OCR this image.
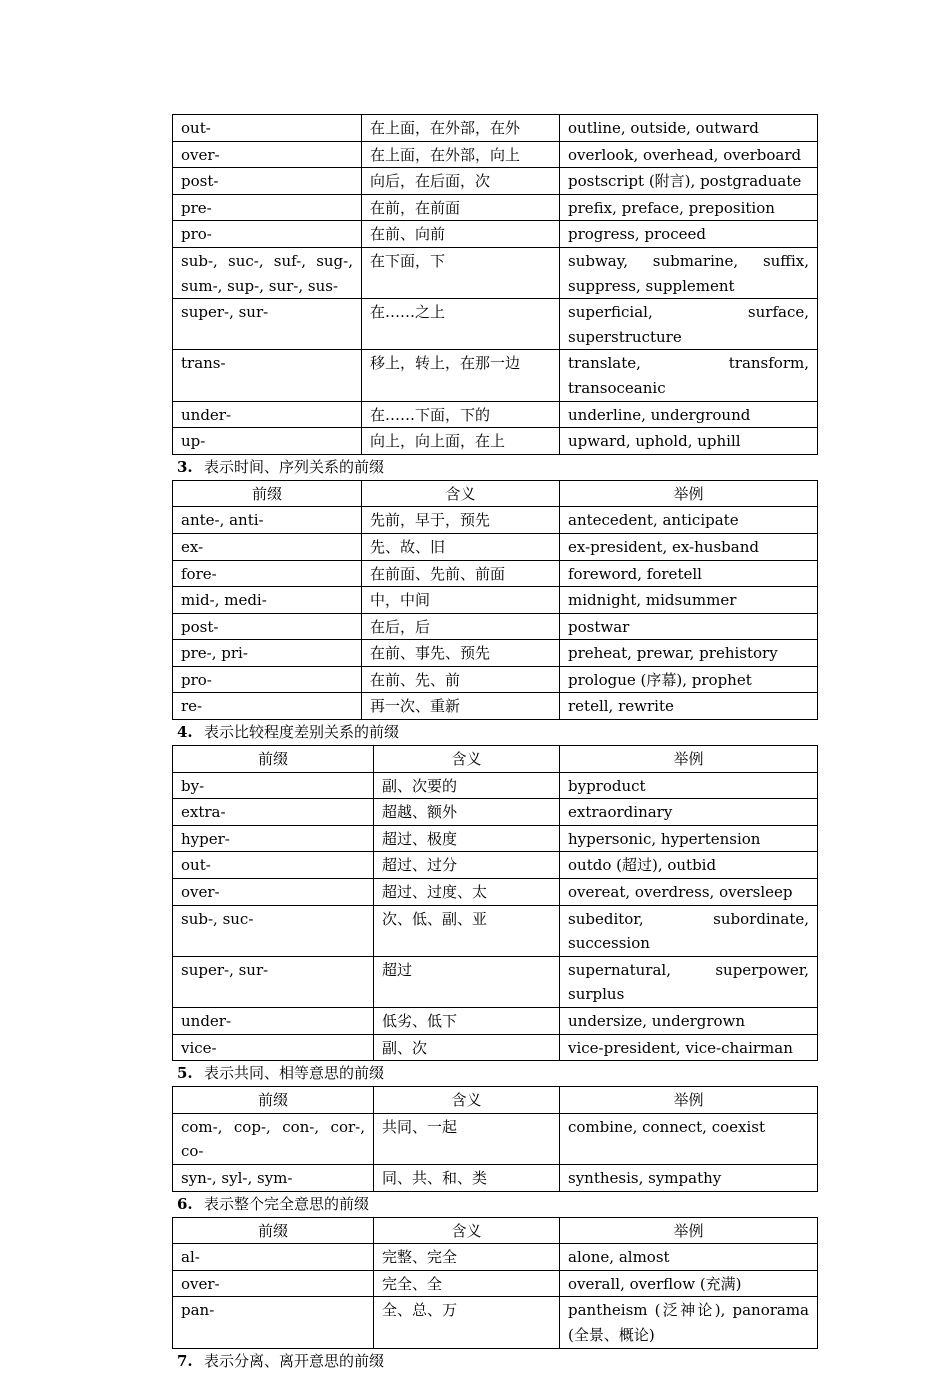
out-	在上面，在外部，在外	outline, outside, outward
over-	在上面，在外部，向上	overlook, overhead, overboard
post-	向后，在后面，次	postscript (附言), postgraduate
pre-	在前，在前面	prefix, preface, preposition
pro-	在前、向前	progress, proceed
sub-, suc-, suf-, sug-, sum-, sup-, sur-, sus-	在下面，下	subway, submarine, suffix, suppress, supplement
super-, sur-	在……之上	superficial, surface, superstructure
trans-	移上，转上，在那一边	translate, transform, transoceanic
under-	在……下面，下的	underline, underground
up-	向上，向上面，在上	upward, uphold, uphill
3. 表示时间、序列关系的前缀
前缀	含义	举例
ante-, anti-	先前，早于，预先	antecedent, anticipate
ex-	先、故、旧	ex-president, ex-husband
fore-	在前面、先前、前面	foreword, foretell
mid-, medi-	中，中间	midnight, midsummer
post-	在后，后	postwar
pre-, pri-	在前、事先、预先	preheat, prewar, prehistory
pro-	在前、先、前	prologue (序幕), prophet
re-	再一次、重新	retell, rewrite
4. 表示比较程度差别关系的前缀
前缀	含义	举例
by-	副、次要的	byproduct
extra-	超越、额外	extraordinary
hyper-	超过、极度	hypersonic, hypertension
out-	超过、过分	outdo (超过), outbid
over-	超过、过度、太	overeat, overdress, oversleep
sub-, suc-	次、低、副、亚	subeditor, subordinate, succession
super-, sur-	超过	supernatural, superpower, surplus
under-	低劣、低下	undersize, undergrown
vice-	副、次	vice-president, vice-chairman
5. 表示共同、相等意思的前缀
前缀	含义	举例
com-, cop-, con-, cor-, co-	共同、一起	combine, connect, coexist
syn-, syl-, sym-	同、共、和、类	synthesis, sympathy
6. 表示整个完全意思的前缀
前缀	含义	举例
al-	完整、完全	alone, almost
over-	完全、全	overall, overflow (充满)
pan-	全、总、万	pantheism (泛神论), panorama (全景、概论)
7. 表示分离、离开意思的前缀
